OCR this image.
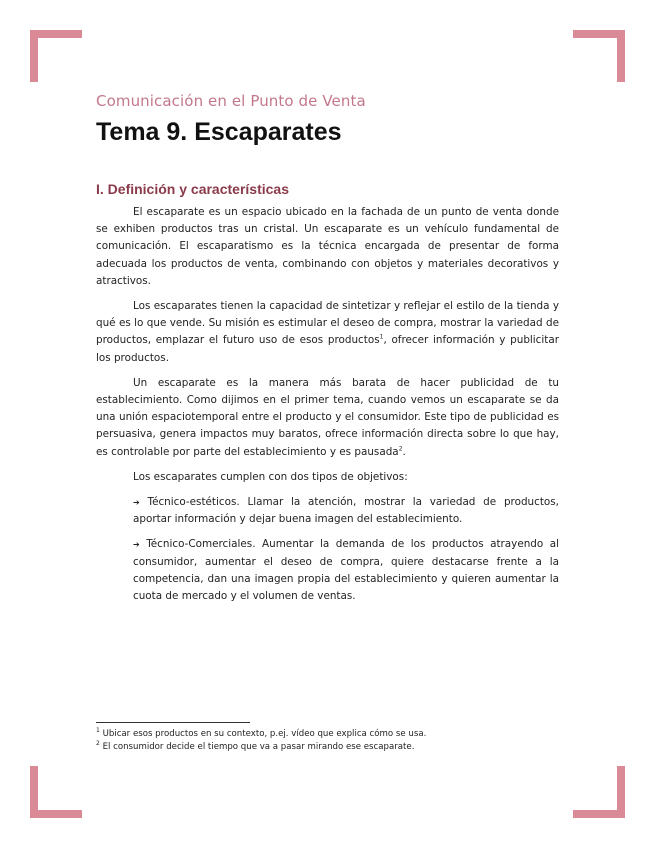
Comunicación en el Punto de Venta
Tema 9. Escaparates
I. Definición y características

El escaparate es un espacio ubicado en la fachada de un punto de venta donde se exhiben productos tras un cristal. Un escaparate es un vehículo fundamental de comunicación. El escaparatismo es la técnica encargada de presentar de forma adecuada los productos de venta, combinando con objetos y materiales decorativos y atractivos.

Los escaparates tienen la capacidad de sintetizar y reflejar el estilo de la tienda y qué es lo que vende. Su misión es estimular el deseo de compra, mostrar la variedad de productos, emplazar el futuro uso de esos productos$^1$, ofrecer información y publicitar los productos.

Un escaparate es la manera más barata de hacer publicidad de tu establecimiento. Como dijimos en el primer tema, cuando vemos un escaparate se da una unión espaciotemporal entre el producto y el consumidor. Este tipo de publicidad es persuasiva, genera impactos muy baratos, ofrece información directa sobre lo que hay, es controlable por parte del establecimiento y es pausada$^2$.

Los escaparates cumplen con dos tipos de objetivos:

➔ Técnico-estéticos. Llamar la atención, mostrar la variedad de productos, aportar información y dejar buena imagen del establecimiento.

➔ Técnico-Comerciales. Aumentar la demanda de los productos atrayendo al consumidor, aumentar el deseo de compra, quiere destacarse frente a la competencia, dan una imagen propia del establecimiento y quieren aumentar la cuota de mercado y el volumen de ventas.

$^1$ Ubicar esos productos en su contexto, p.ej. vídeo que explica cómo se usa.
$^2$ El consumidor decide el tiempo que va a pasar mirando ese escaparate.
